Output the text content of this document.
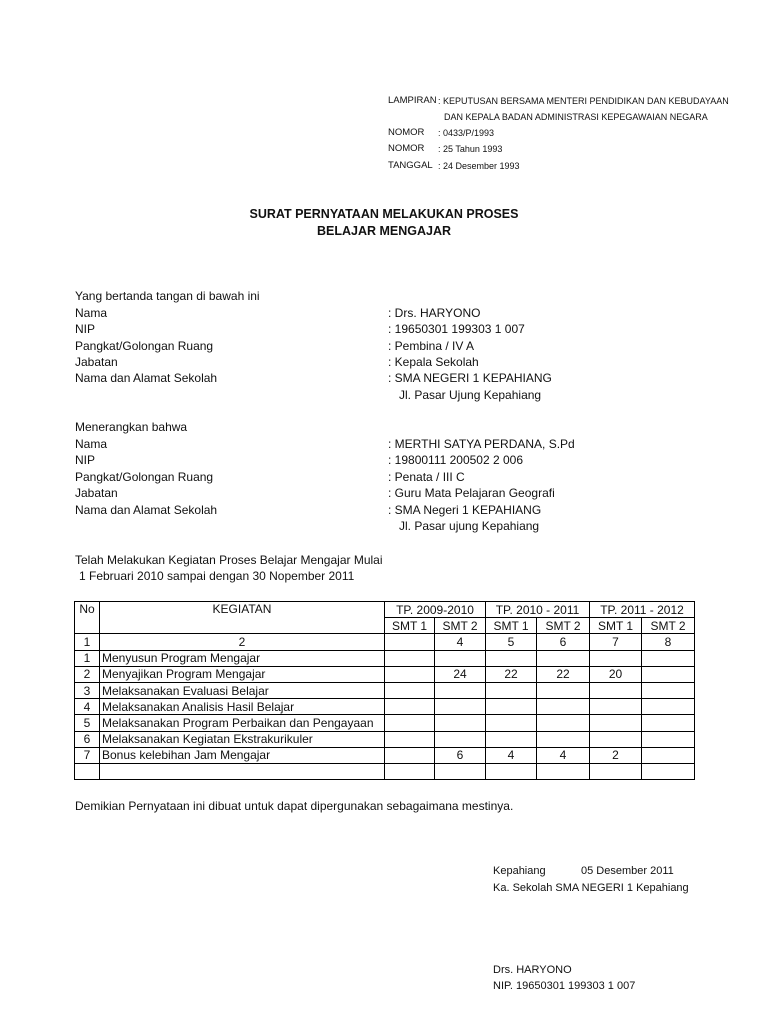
LAMPIRAN : KEPUTUSAN BERSAMA MENTERI PENDIDIKAN DAN KEBUDAYAAN
DAN KEPALA BADAN ADMINISTRASI KEPEGAWAIAN NEGARA
NOMOR : 0433/P/1993
NOMOR : 25 Tahun 1993
TANGGAL : 24 Desember 1993
SURAT PERNYATAAN MELAKUKAN PROSES
BELAJAR MENGAJAR
Yang bertanda tangan di bawah ini
Nama	: Drs. HARYONO
NIP	: 19650301 199303 1 007
Pangkat/Golongan Ruang	: Pembina / IV A
Jabatan	: Kepala Sekolah
Nama dan Alamat Sekolah	: SMA NEGERI 1 KEPAHIANG
Jl. Pasar Ujung Kepahiang
Menerangkan bahwa
Nama	: MERTHI SATYA PERDANA, S.Pd
NIP	: 19800111 200502 2 006
Pangkat/Golongan Ruang	: Penata / III C
Jabatan	: Guru Mata Pelajaran Geografi
Nama dan Alamat Sekolah	: SMA Negeri 1 KEPAHIANG
Jl. Pasar ujung Kepahiang
Telah Melakukan Kegiatan Proses Belajar Mengajar Mulai
1 Februari 2010 sampai dengan 30 Nopember 2011
No	KEGIATAN	TP. 2009-2010		TP. 2010 - 2011		TP. 2011 - 2012	
		SMT 1	SMT 2	SMT 1	SMT 2	SMT 1	SMT 2
1	2		4	5	6	7	8
1	Menyusun Program Mengajar						
2	Menyajikan Program Mengajar		24	22	22	20	
3	Melaksanakan Evaluasi Belajar						
4	Melaksanakan Analisis Hasil Belajar						
5	Melaksanakan Program Perbaikan dan Pengayaan						
6	Melaksanakan Kegiatan Ekstrakurikuler						
7	Bonus kelebihan Jam Mengajar		6	4	4	2	

Demikian Pernyataan ini dibuat untuk dapat dipergunakan sebagaimana mestinya.
Kepahiang	05 Desember 2011
Ka. Sekolah SMA NEGERI 1 Kepahiang
Drs. HARYONO
NIP. 19650301 199303 1 007
